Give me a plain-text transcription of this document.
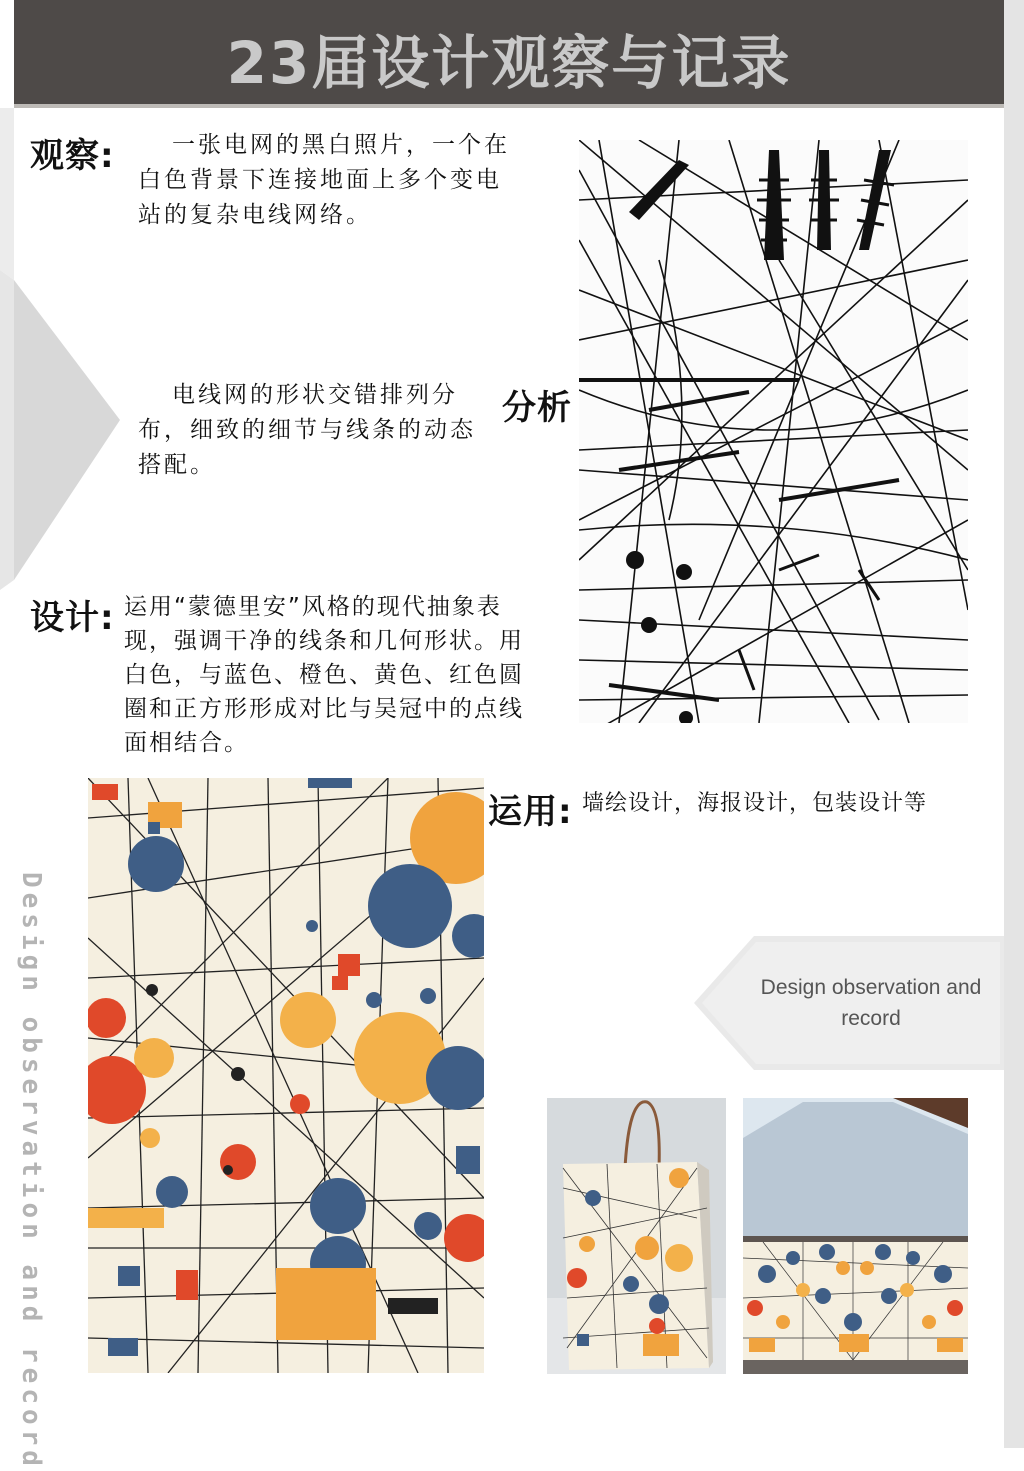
23届设计观察与记录
观察: 一张电网的黑白照片，一个在
白色背景下连接地面上多个变电
站的复杂电线网络。
电线网的形状交错排列分
布，细致的细节与线条的动态
搭配。
分析
设计: 运用“蒙德里安”风格的现代抽象表
现，强调干净的线条和几何形状。用
白色，与蓝色、橙色、黄色、红色圆
圈和正方形形成对比与吴冠中的点线
面相结合。
运用: 墙绘设计，海报设计，包装设计等
Design observation and record	Design observation and
record
